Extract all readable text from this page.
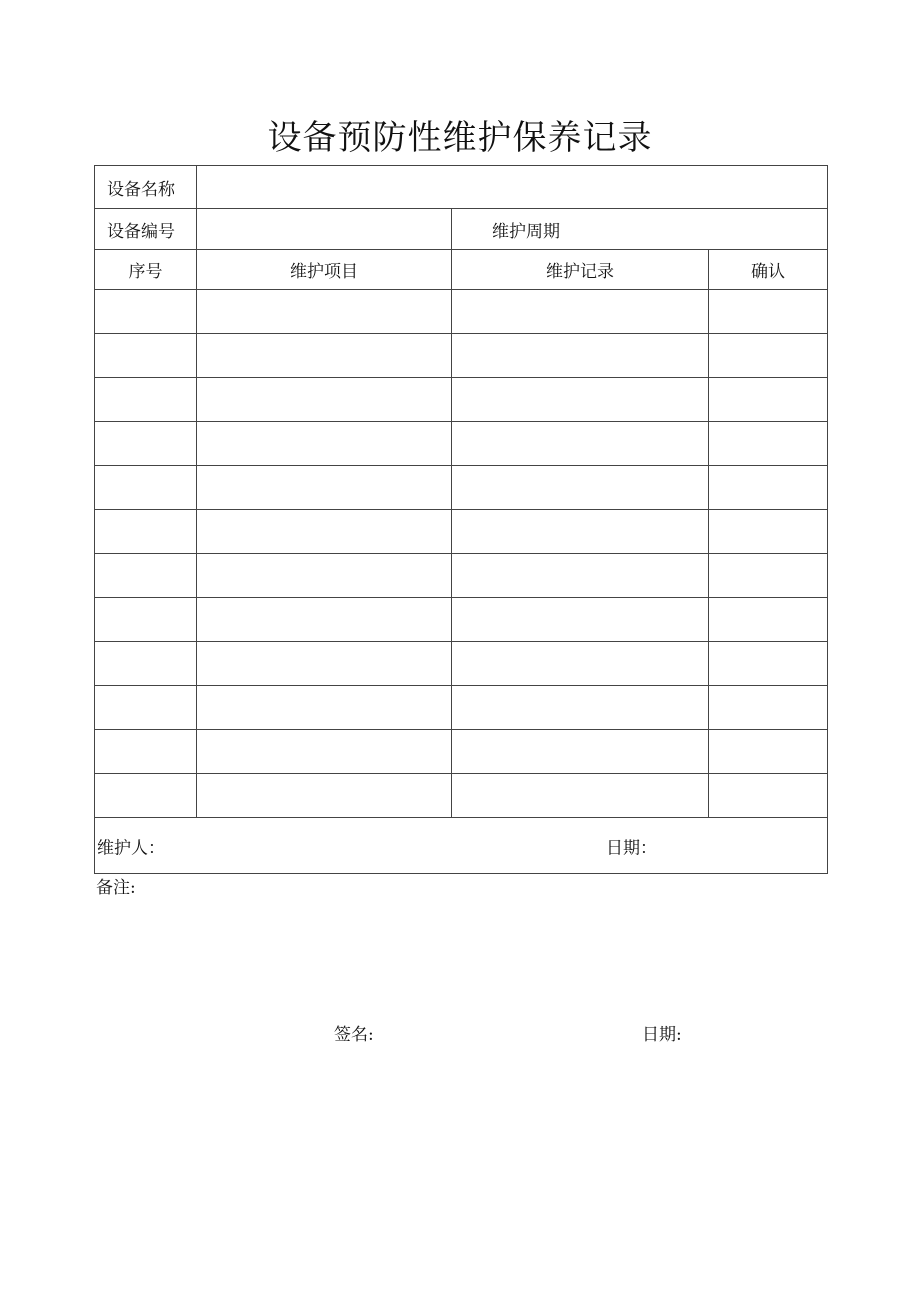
设备预防性维护保养记录
设备名称			
设备编号		维护周期	
序号	维护项目	维护记录	确认

维护人： 日期：			
备注:
签名:	日期:
